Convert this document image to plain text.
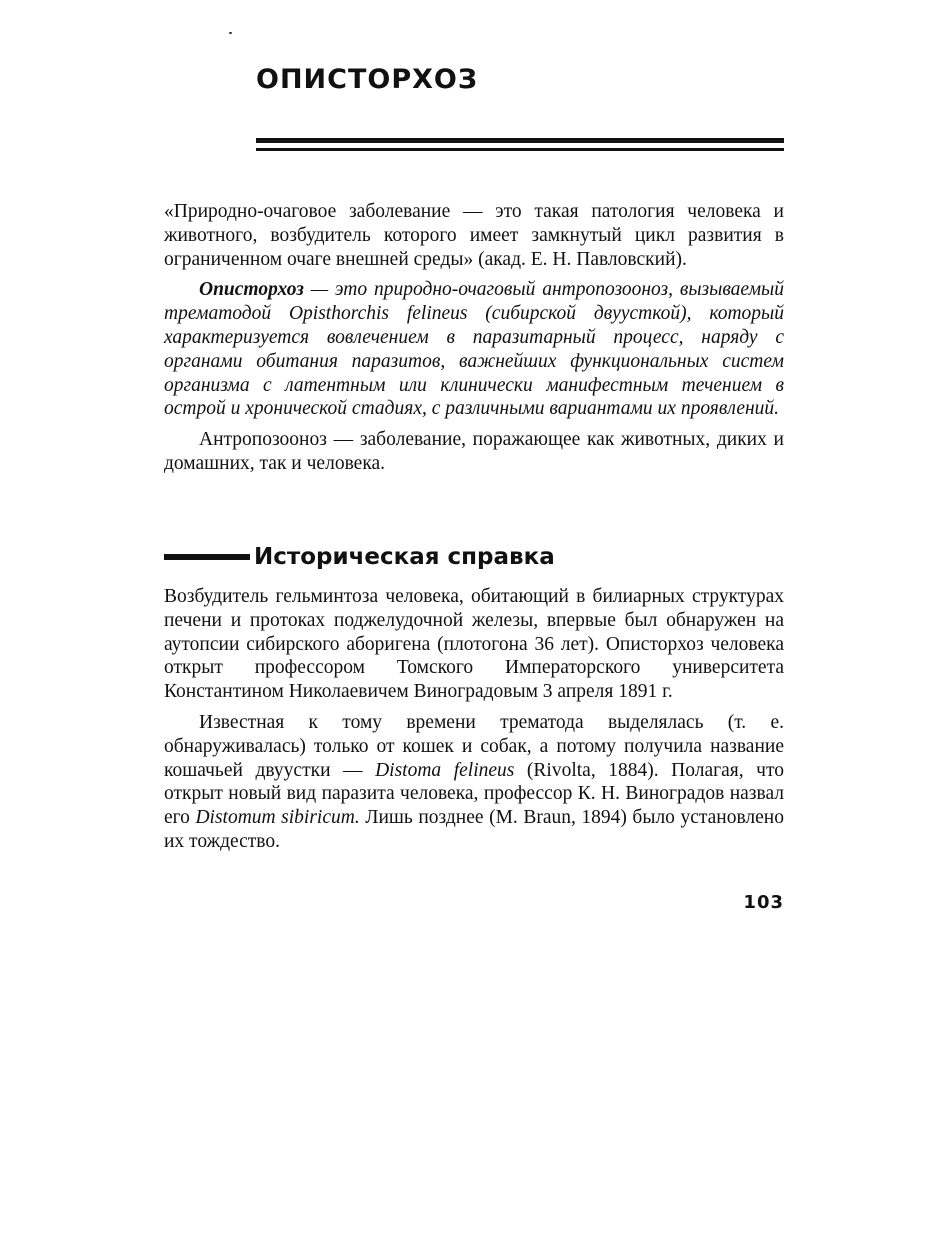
ОПИСТОРХОЗ

«Природно-очаговое заболевание — это такая патология человека и животного, возбудитель которого имеет замкнутый цикл развития в ограниченном очаге внешней среды» (акад. Е. Н. Павловский).

Описторхоз — это природно-очаговый антропозооноз, вызываемый трематодой Opisthorchis felineus (сибирской двуусткой), который характеризуется вовлечением в паразитарный процесс, наряду с органами обитания паразитов, важнейших функциональных систем организма с латентным или клинически манифестным течением в острой и хронической стадиях, с различными вариантами их проявлений.

Антропозооноз — заболевание, поражающее как животных, диких и домашних, так и человека.

Историческая справка

Возбудитель гельминтоза человека, обитающий в билиарных структурах печени и протоках поджелудочной железы, впервые был обнаружен на аутопсии сибирского аборигена (плотогона 36 лет). Описторхоз человека открыт профессором Томского Императорского университета Константином Николаевичем Виноградовым 3 апреля 1891 г.

Известная к тому времени трематода выделялась (т. е. обнаруживалась) только от кошек и собак, а потому получила название кошачьей двуустки — Distoma felineus (Rivolta, 1884). Полагая, что открыт новый вид паразита человека, профессор К. Н. Виноградов назвал его Distomum sibiricum. Лишь позднее (M. Braun, 1894) было установлено их тождество.

103
